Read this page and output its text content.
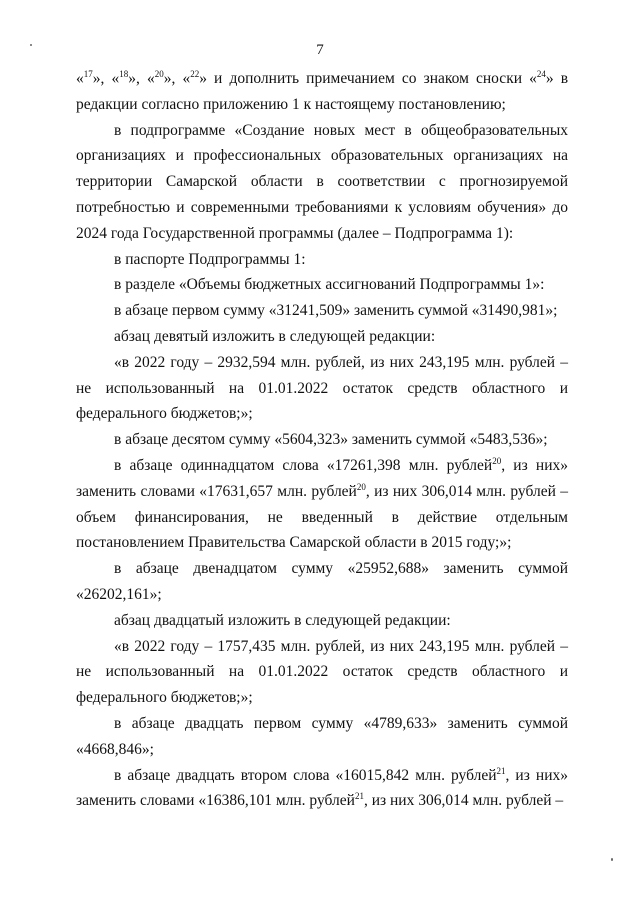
7

«$^{17}$», «$^{18}$», «$^{20}$», «$^{22}$» и дополнить примечанием со знаком сноски «$^{24}$» в редакции согласно приложению 1 к настоящему постановлению;

в подпрограмме «Создание новых мест в общеобразовательных организациях и профессиональных образовательных организациях на территории Самарской области в соответствии с прогнозируемой потребностью и современными требованиями к условиям обучения» до 2024 года Государственной программы (далее – Подпрограмма 1):

в паспорте Подпрограммы 1:

в разделе «Объемы бюджетных ассигнований Подпрограммы 1»:

в абзаце первом сумму «31241,509» заменить суммой «31490,981»;

абзац девятый изложить в следующей редакции:

«в 2022 году – 2932,594 млн. рублей, из них 243,195 млн. рублей – не использованный на 01.01.2022 остаток средств областного и федерального бюджетов;»;

в абзаце десятом сумму «5604,323» заменить суммой «5483,536»;

в абзаце одиннадцатом слова «17261,398 млн. рублей$^{20}$, из них» заменить словами «17631,657 млн. рублей$^{20}$, из них 306,014 млн. рублей – объем финансирования, не введенный в действие отдельным постановлением Правительства Самарской области в 2015 году;»;

в абзаце двенадцатом сумму «25952,688» заменить суммой «26202,161»;

абзац двадцатый изложить в следующей редакции:

«в 2022 году – 1757,435 млн. рублей, из них 243,195 млн. рублей – не использованный на 01.01.2022 остаток средств областного и федерального бюджетов;»;

в абзаце двадцать первом сумму «4789,633» заменить суммой «4668,846»;

в абзаце двадцать втором слова «16015,842 млн. рублей$^{21}$, из них» заменить словами «16386,101 млн. рублей$^{21}$, из них 306,014 млн. рублей –
